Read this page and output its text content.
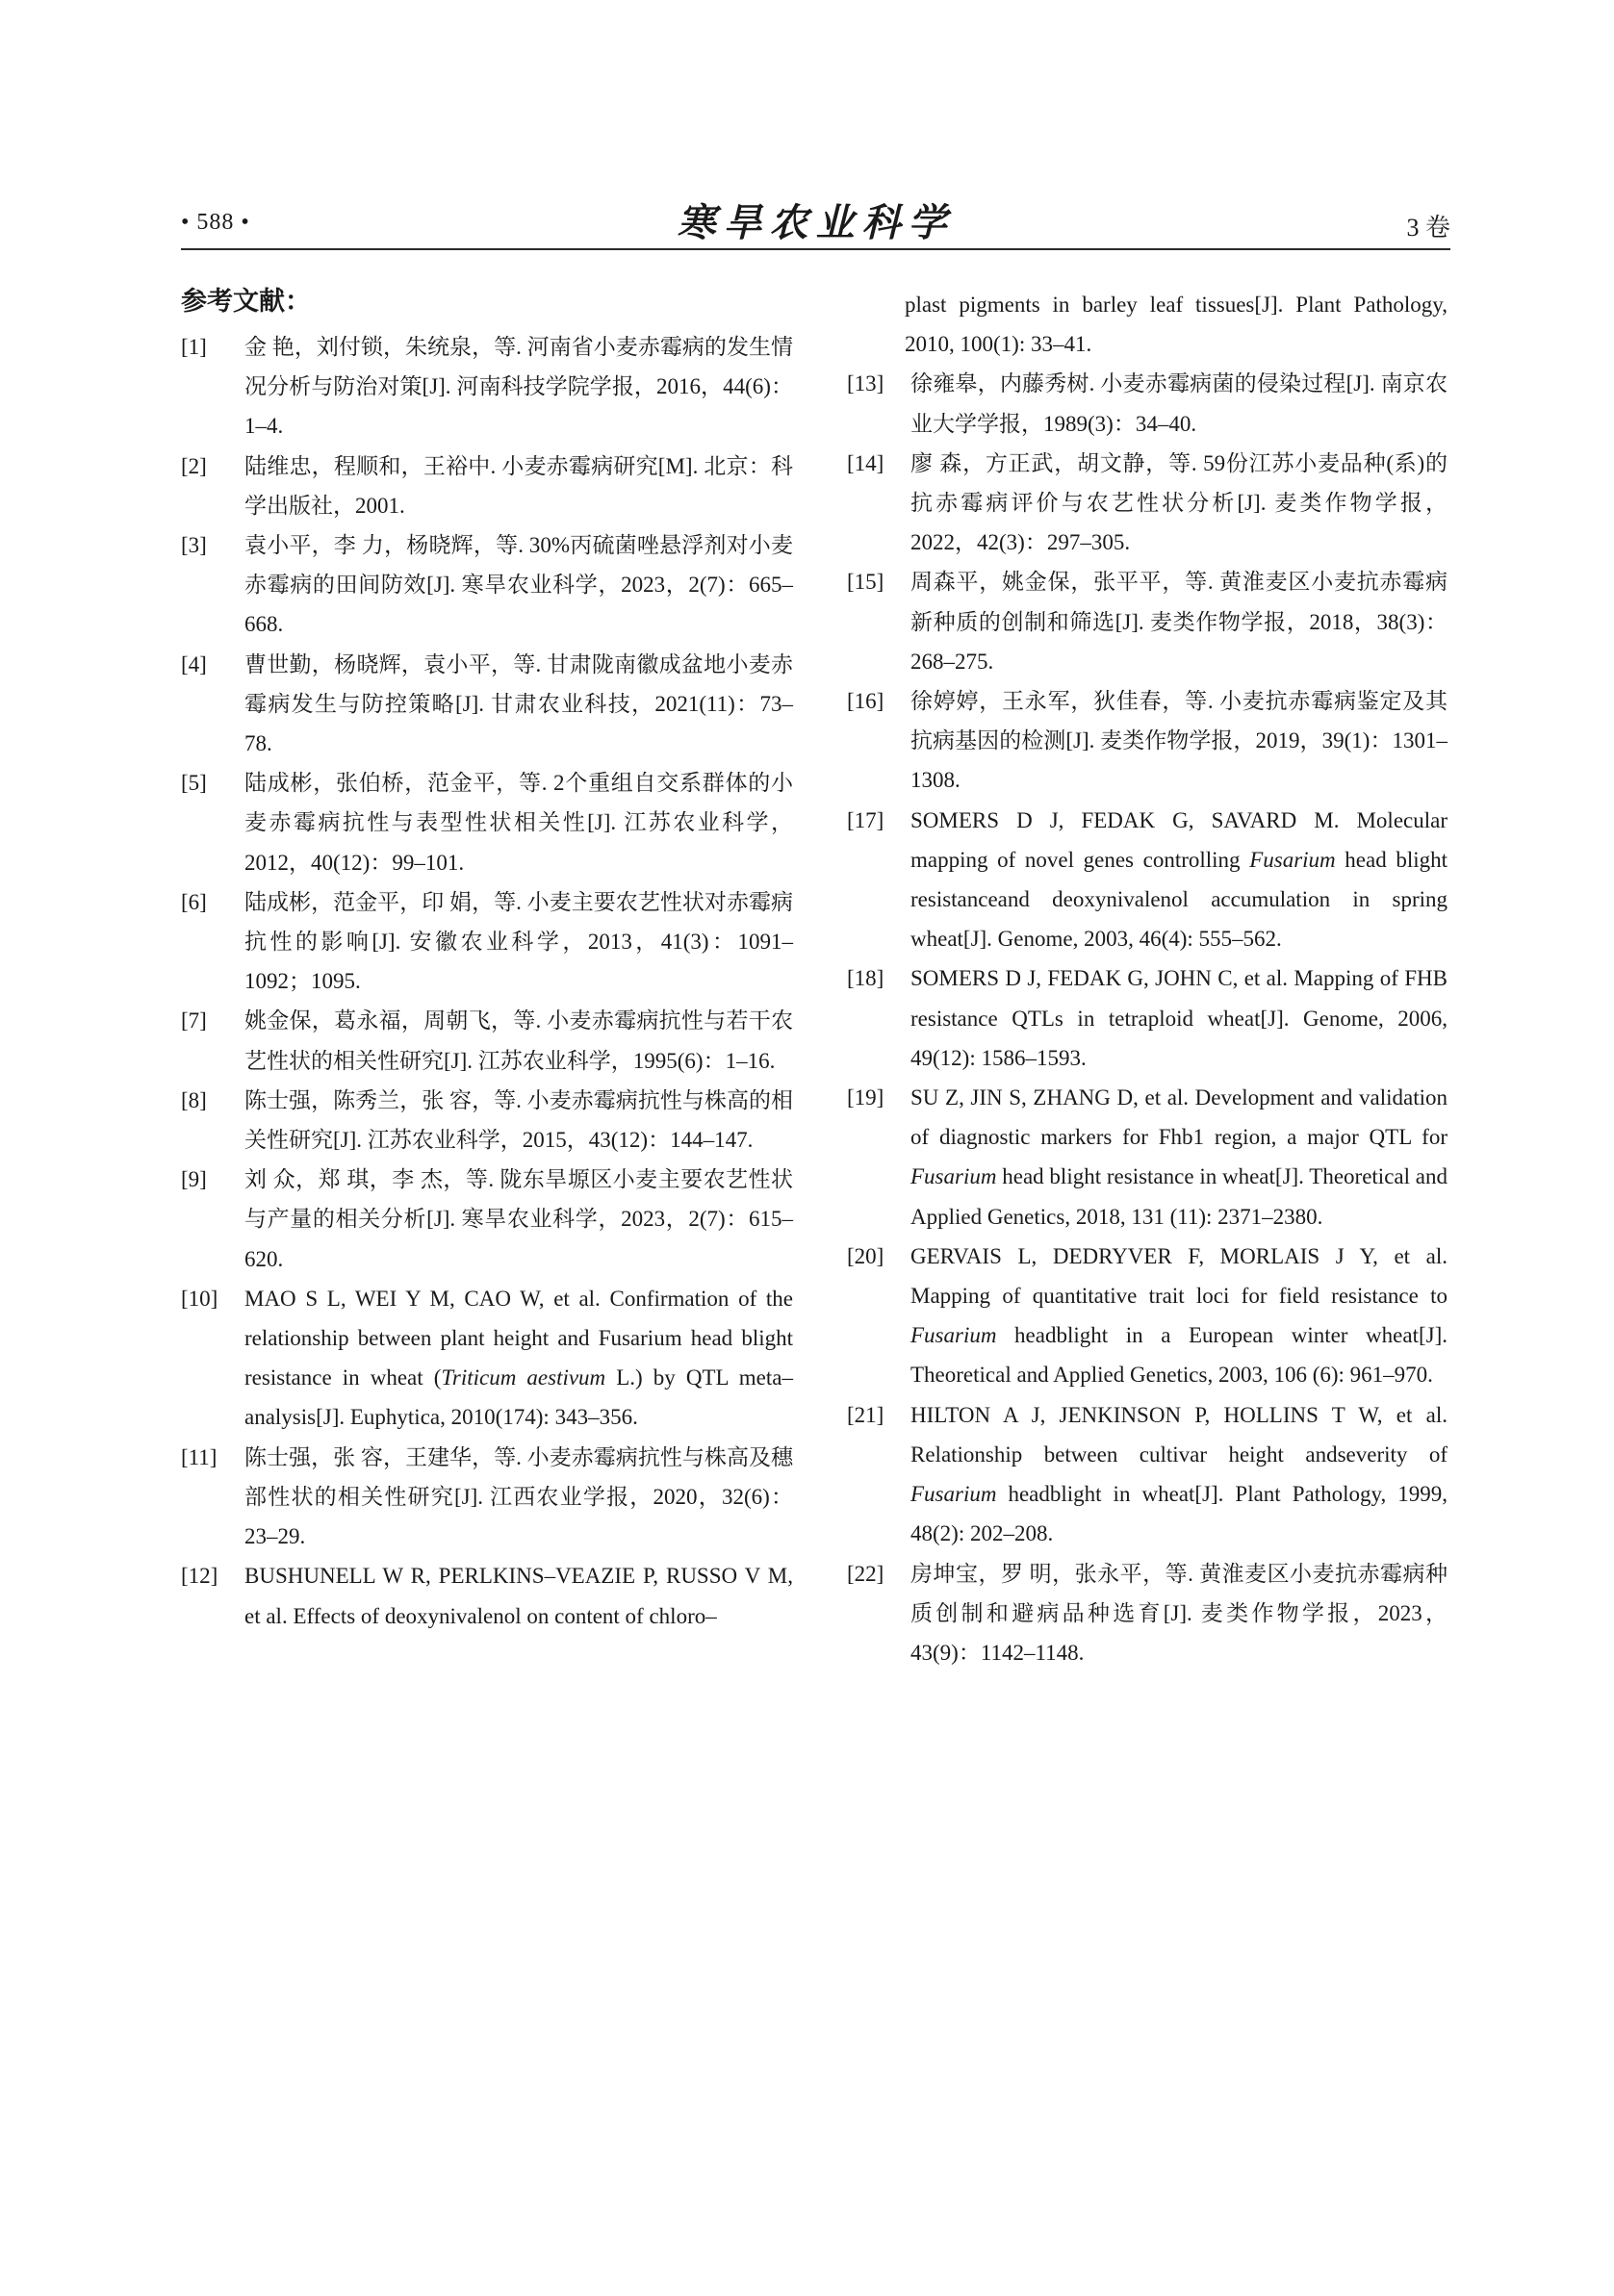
• 588 •	寒旱农业科学	3 卷
参考文献：
[1] 金 艳，刘付锁，朱统泉，等. 河南省小麦赤霉病的发生情况分析与防治对策[J]. 河南科技学院学报，2016，44(6)：1–4.
[2] 陆维忠，程顺和，王裕中. 小麦赤霉病研究[M]. 北京：科学出版社，2001.
[3] 袁小平，李 力，杨晓辉，等. 30%丙硫菌唑悬浮剂对小麦赤霉病的田间防效[J]. 寒旱农业科学，2023，2(7)：665–668.
[4] 曹世勤，杨晓辉，袁小平，等. 甘肃陇南徽成盆地小麦赤霉病发生与防控策略[J]. 甘肃农业科技，2021(11)：73–78.
[5] 陆成彬，张伯桥，范金平，等. 2个重组自交系群体的小麦赤霉病抗性与表型性状相关性[J]. 江苏农业科学，2012，40(12)：99–101.
[6] 陆成彬，范金平，印 娟，等. 小麦主要农艺性状对赤霉病抗性的影响[J]. 安徽农业科学，2013，41(3)：1091–1092；1095.
[7] 姚金保，葛永福，周朝飞，等. 小麦赤霉病抗性与若干农艺性状的相关性研究[J]. 江苏农业科学，1995(6)：1–16.
[8] 陈士强，陈秀兰，张 容，等. 小麦赤霉病抗性与株高的相关性研究[J]. 江苏农业科学，2015，43(12)：144–147.
[9] 刘 众，郑 琪，李 杰，等. 陇东旱塬区小麦主要农艺性状与产量的相关分析[J]. 寒旱农业科学，2023，2(7)：615–620.
[10] MAO S L, WEI Y M, CAO W, et al. Confirmation of the relationship between plant height and Fusarium head blight resistance in wheat (Triticum aestivum L.) by QTL meta–analysis[J]. Euphytica, 2010(174): 343–356.
[11] 陈士强，张 容，王建华，等. 小麦赤霉病抗性与株高及穗部性状的相关性研究[J]. 江西农业学报，2020，32(6)：23–29.
[12] BUSHUNELL W R, PERLKINS–VEAZIE P, RUSSO V M, et al. Effects of deoxynivalenol on content of chloro–
plast pigments in barley leaf tissues[J]. Plant Pathology, 2010, 100(1): 33–41.
[13] 徐雍皋，内藤秀树. 小麦赤霉病菌的侵染过程[J]. 南京农业大学学报，1989(3)：34–40.
[14] 廖 森，方正武，胡文静，等. 59份江苏小麦品种(系)的抗赤霉病评价与农艺性状分析[J]. 麦类作物学报，2022，42(3)：297–305.
[15] 周森平，姚金保，张平平，等. 黄淮麦区小麦抗赤霉病新种质的创制和筛选[J]. 麦类作物学报，2018，38(3)：268–275.
[16] 徐婷婷，王永军，狄佳春，等. 小麦抗赤霉病鉴定及其抗病基因的检测[J]. 麦类作物学报，2019，39(1)：1301–1308.
[17] SOMERS D J, FEDAK G, SAVARD M. Molecular mapping of novel genes controlling Fusarium head blight resistanceand deoxynivalenol accumulation in spring wheat[J]. Genome, 2003, 46(4): 555–562.
[18] SOMERS D J, FEDAK G, JOHN C, et al. Mapping of FHB resistance QTLs in tetraploid wheat[J]. Genome, 2006, 49(12): 1586–1593.
[19] SU Z, JIN S, ZHANG D, et al. Development and validation of diagnostic markers for Fhb1 region, a major QTL for Fusarium head blight resistance in wheat[J]. Theoretical and Applied Genetics, 2018, 131 (11): 2371–2380.
[20] GERVAIS L, DEDRYVER F, MORLAIS J Y, et al. Mapping of quantitative trait loci for field resistance to Fusarium headblight in a European winter wheat[J]. Theoretical and Applied Genetics, 2003, 106 (6): 961–970.
[21] HILTON A J, JENKINSON P, HOLLINS T W, et al. Relationship between cultivar height andseverity of Fusarium headblight in wheat[J]. Plant Pathology, 1999, 48(2): 202–208.
[22] 房坤宝，罗 明，张永平，等. 黄淮麦区小麦抗赤霉病种质创制和避病品种选育[J]. 麦类作物学报，2023，43(9)：1142–1148.
